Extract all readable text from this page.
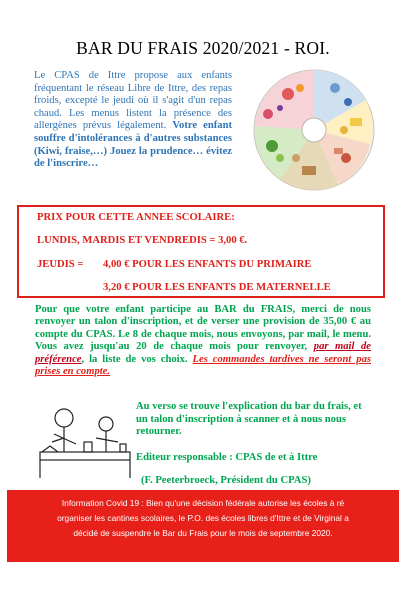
BAR DU FRAIS 2020/2021 - ROI.
Le CPAS de Ittre propose aux enfants fréquentant le réseau Libre de Ittre, des repas froids, excepté le jeudi où il s'agit d'un repas chaud. Les menus listent la présence des allergènes prévus légalement. Votre enfant souffre d'intolérances à d'autres substances (Kiwi, fraise,…) Jouez la prudence… évitez de l'inscrire…
PRIX POUR CETTE ANNEE SCOLAIRE:
LUNDIS, MARDIS ET VENDREDIS = 3,00 €.
JEUDIS = 4,00 € POUR LES ENFANTS DU PRIMAIRE
3,20 € POUR LES ENFANTS DE MATERNELLE
Pour que votre enfant participe au BAR du FRAIS, merci de nous renvoyer un talon d'inscription, et de verser une provision de 35,00 € au compte du CPAS. Le 8 de chaque mois, nous envoyons, par mail, le menu. Vous avez jusqu'au 20 de chaque mois pour renvoyer, par mail de préférence, la liste de vos choix. Les commandes tardives ne seront pas prises en compte.
Au verso se trouve l'explication du bar du frais, et un talon d'inscription à scanner et à nous nous retourner.
Editeur responsable : CPAS de et à Ittre
(F. Peeterbroeck, Président du CPAS)
Information Covid 19 : Bien qu'une décision fédérale autorise les écoles à ré
organiser les cantines scolaires, le P.O. des écoles libres d'Ittre et de Virginal a
décidé de suspendre le Bar du Frais pour le mois de septembre 2020.
